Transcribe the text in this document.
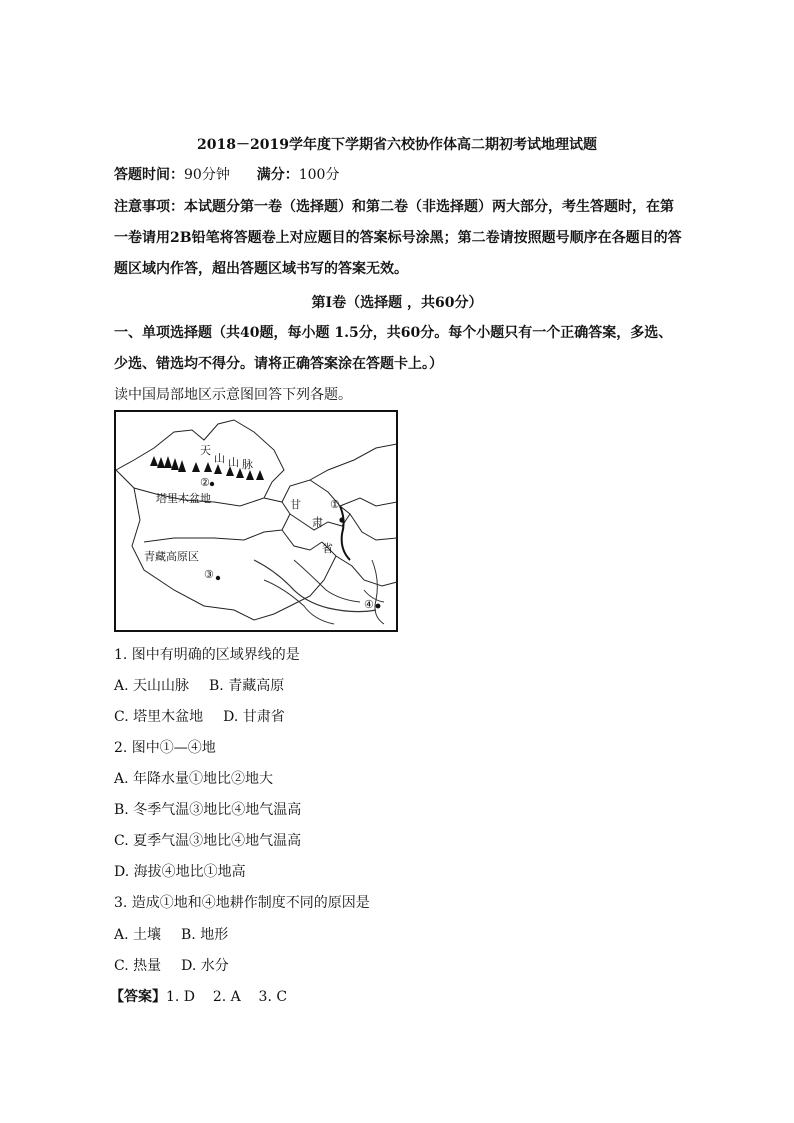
2018－2019学年度下学期省六校协作体高二期初考试地理试题
答题时间：90分钟 满分：100分
注意事项：本试题分第一卷（选择题）和第二卷（非选择题）两大部分，考生答题时，在第
一卷请用2B铅笔将答题卷上对应题目的答案标号涂黑；第二卷请按照题号顺序在各题目的答
题区域内作答，超出答题区域书写的答案无效。
第Ⅰ卷（选择题 ，共60分）
一、单项选择题（共40题，每小题 1.5分，共60分。每个小题只有一个正确答案，多选、
少选、错选均不得分。请将正确答案涂在答题卡上。）
读中国局部地区示意图回答下列各题。
天
山 山 脉
②
塔里木盆地
青藏高原区
③
甘
肃
省
①
④
1. 图中有明确的区域界线的是
A. 天山山脉 B. 青藏高原
C. 塔里木盆地 D. 甘肃省
2. 图中①—④地
A. 年降水量①地比②地大
B. 冬季气温③地比④地气温高
C. 夏季气温③地比④地气温高
D. 海拔④地比①地高
3. 造成①地和④地耕作制度不同的原因是
A. 土壤 B. 地形
C. 热量 D. 水分
【答案】1. D    2. A    3. C
